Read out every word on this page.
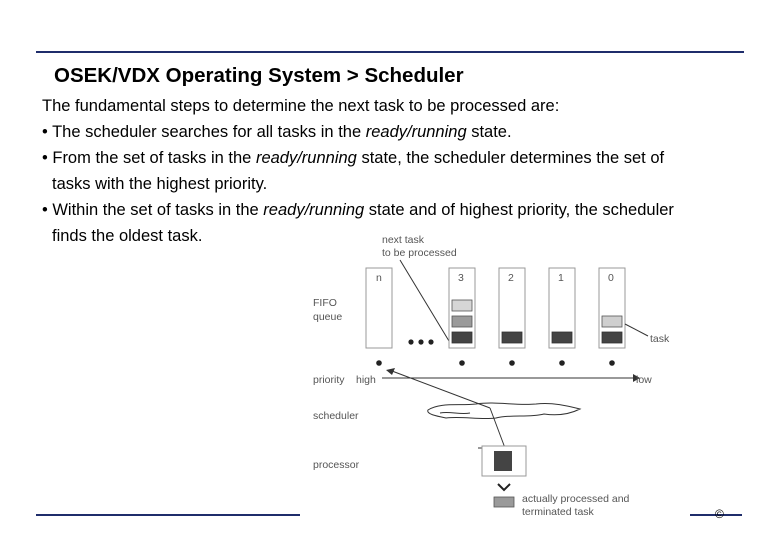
OSEK/VDX Operating System > Scheduler
The fundamental steps to determine the next task to be processed are:
• The scheduler searches for all tasks in the ready/running state.
• From the set of tasks in the ready/running state, the scheduler determines the set of
tasks with the highest priority.
• Within the set of tasks in the ready/running state and of highest priority, the scheduler
finds the oldest task.	next task
to be processed
n	3	2	1	0
FIFO
queue
task
priority high	low
scheduler
processor
actually processed and
terminated task	©
